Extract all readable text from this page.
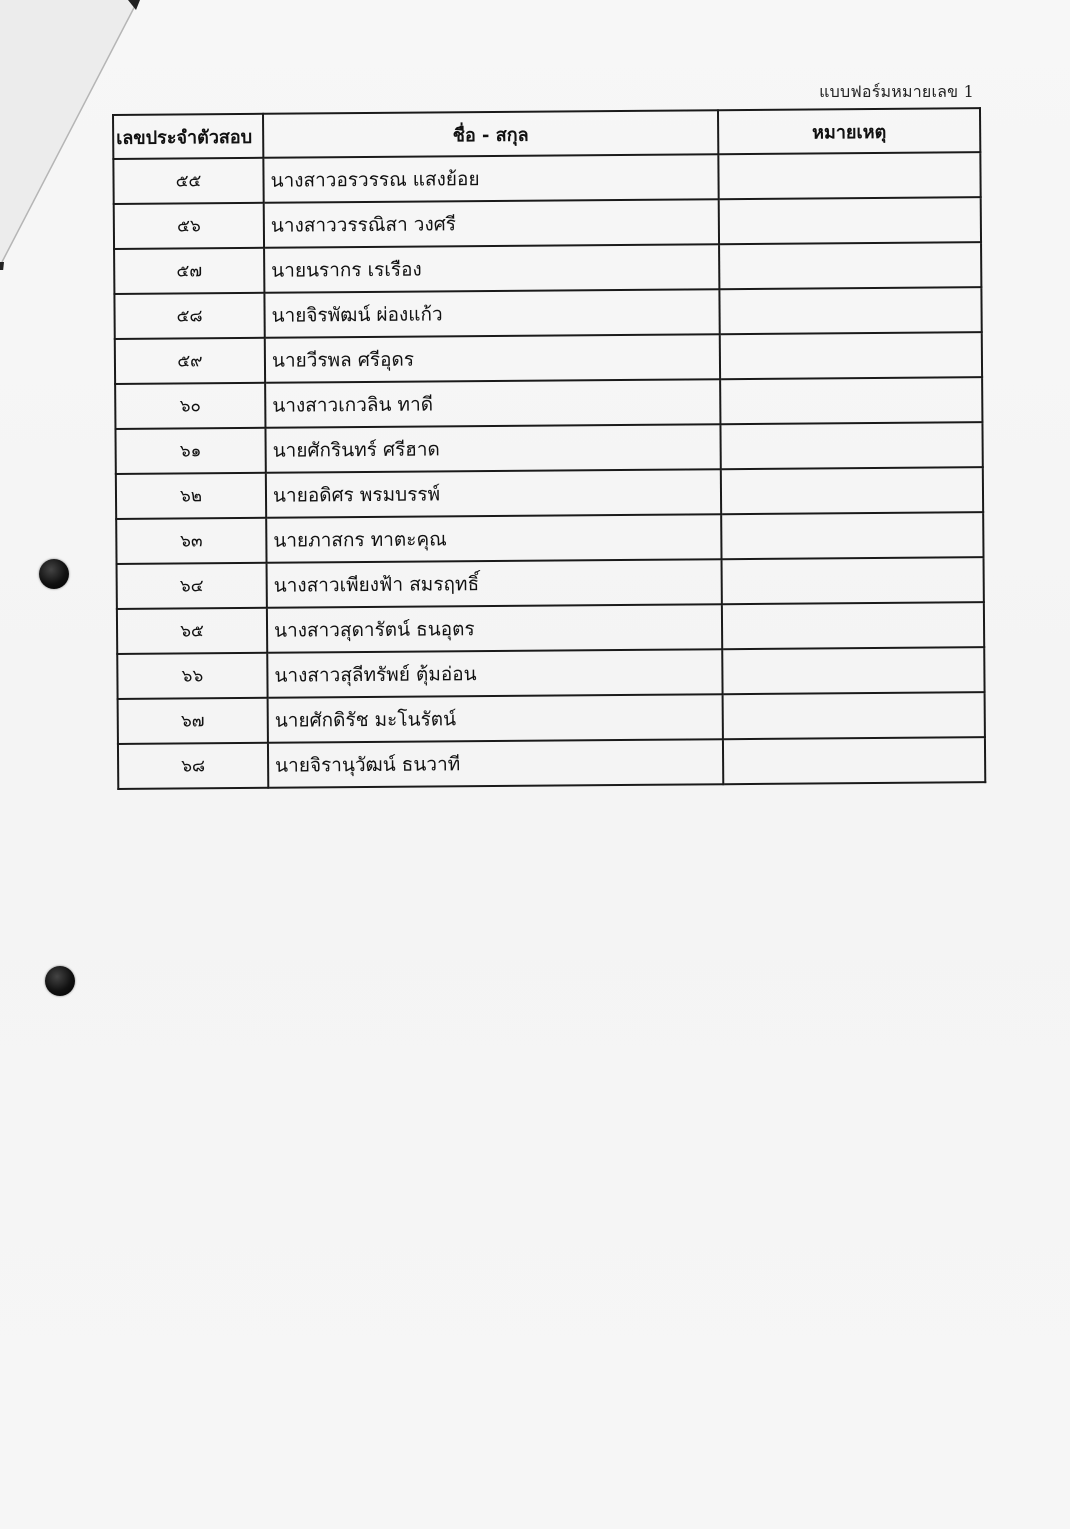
แบบฟอร์มหมายเลข 1
เลขประจำตัวสอบ	ชื่อ - สกุล	หมายเหตุ
๕๕	นางสาวอรวรรณ แสงย้อย	
๕๖	นางสาววรรณิสา วงศรี	
๕๗	นายนรากร เรเรือง	
๕๘	นายจิรพัฒน์ ผ่องแก้ว	
๕๙	นายวีรพล ศรีอุดร	
๖๐	นางสาวเกวลิน ทาดี	
๖๑	นายศักรินทร์ ศรีฮาด	
๖๒	นายอดิศร พรมบรรพ์	
๖๓	นายภาสกร ทาตะคุณ	
๖๔	นางสาวเพียงฟ้า สมรฤทธิ์	
๖๕	นางสาวสุดารัตน์ ธนอุตร	
๖๖	นางสาวสุลีทรัพย์ ตุ้มอ่อน	
๖๗	นายศักดิรัช มะโนรัตน์	
๖๘	นายจิรานุวัฒน์ ธนวาที	
